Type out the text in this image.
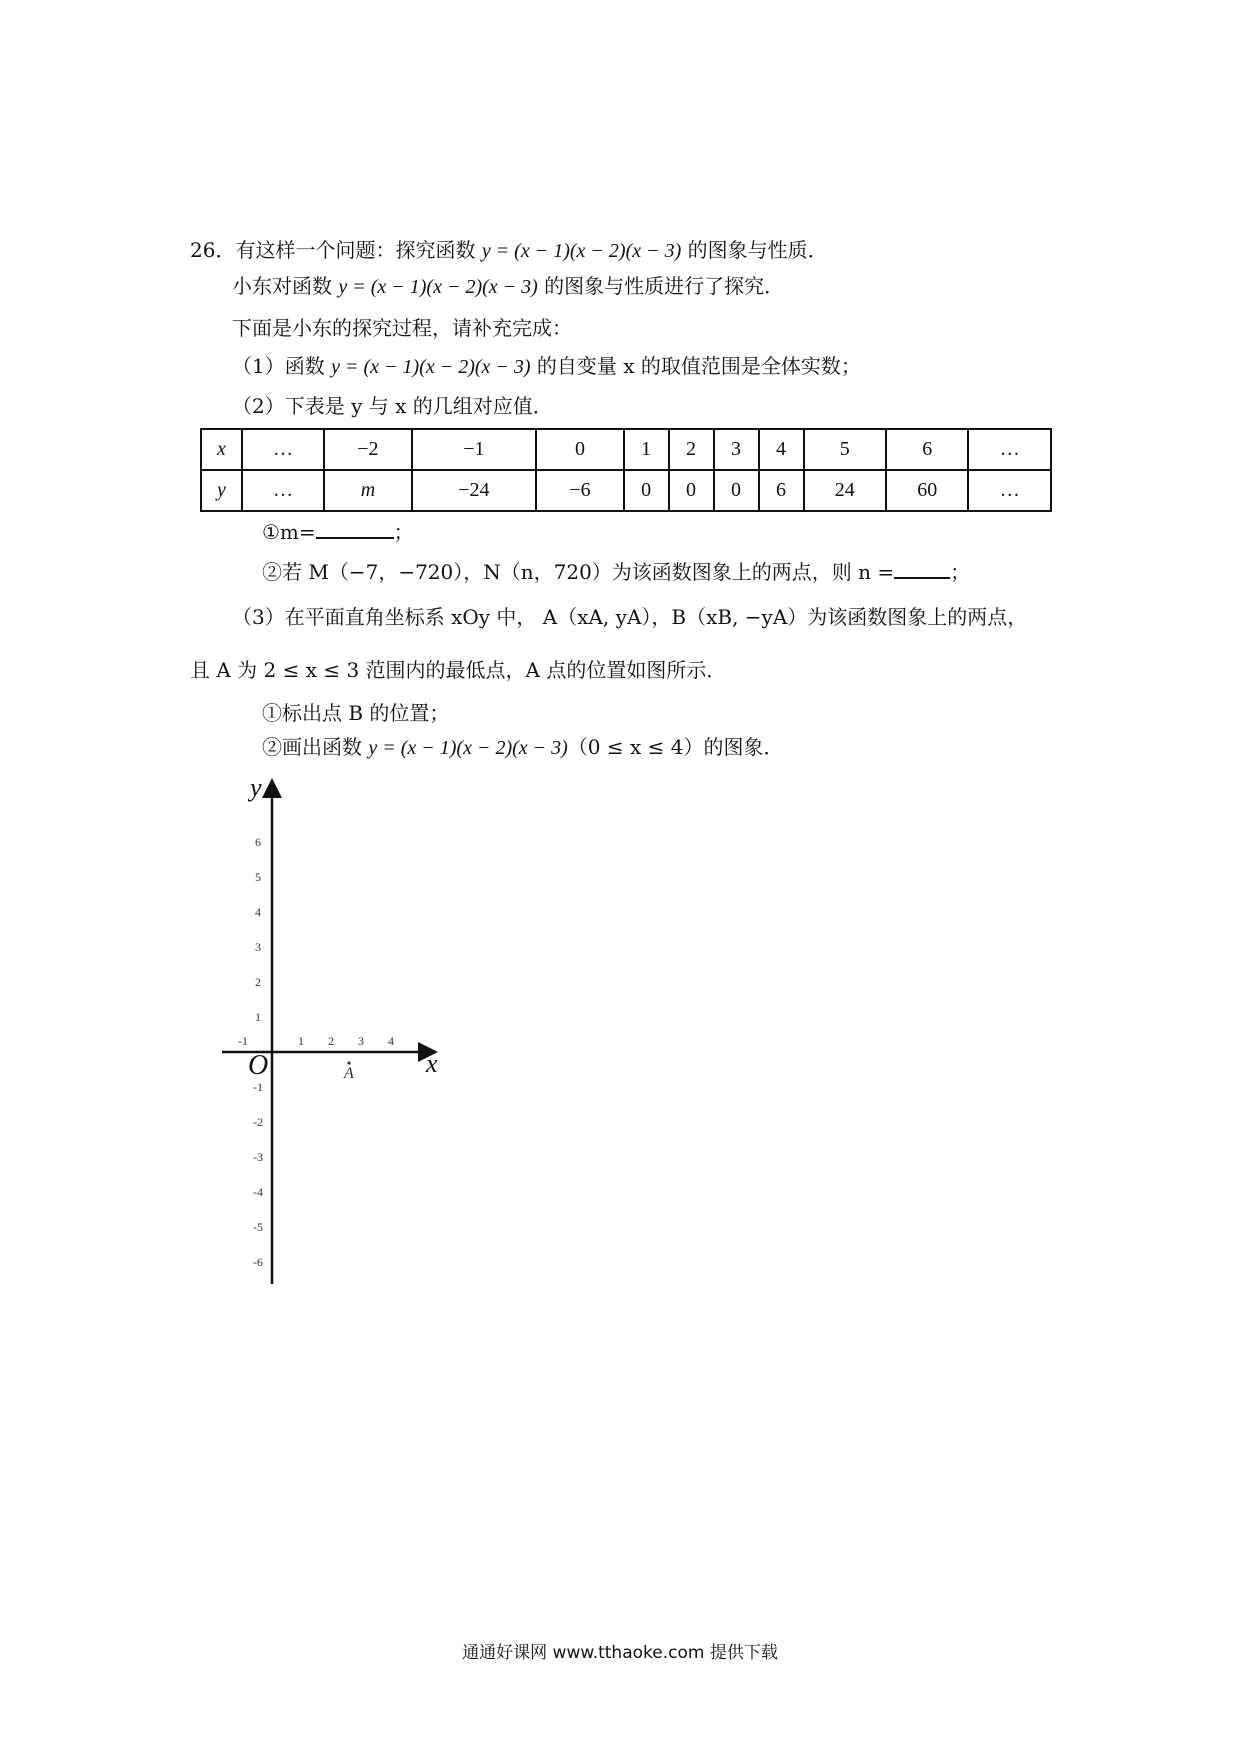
26．有这样一个问题：探究函数 y = (x − 1)(x − 2)(x − 3) 的图象与性质．
小东对函数 y = (x − 1)(x − 2)(x − 3) 的图象与性质进行了探究．
下面是小东的探究过程，请补充完成：
（1）函数 y = (x − 1)(x − 2)(x − 3) 的自变量 x 的取值范围是全体实数；
（2）下表是 y 与 x 的几组对应值．
x	…	−2	−1	0	1	2	3	4	5	6	…
y	…	m	−24	−6	0	0	0	6	24	60	…
①m=	；
②若 M（−7，−720），N（n，720）为该函数图象上的两点，则 n =	；
（3）在平面直角坐标系 xOy 中， A（xA, yA），B（xB, −yA）为该函数图象上的两点，
且 A 为 2 ≤ x ≤ 3 范围内的最低点，A 点的位置如图所示．
①标出点 B 的位置；
②画出函数 y = (x − 1)(x − 2)(x − 3)（0 ≤ x ≤ 4）的图象．
-1	1 2 3 4
1
2
3
4
5
6
-1
-2
-3
-4
-5
-6
x
y
O	A
通通好课网 www.tthaoke.com 提供下载
